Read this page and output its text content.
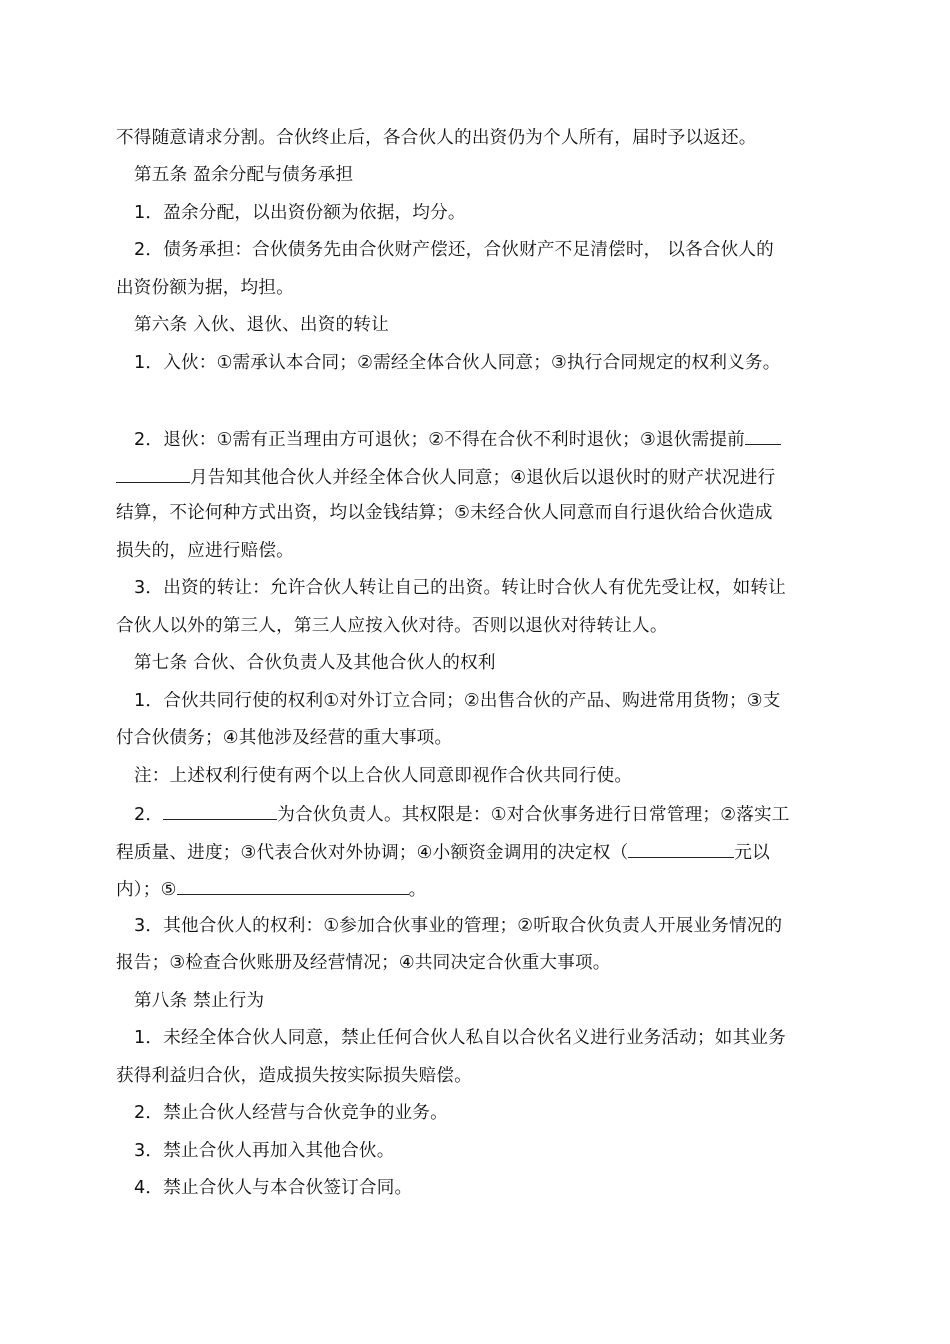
不得随意请求分割。合伙终止后，各合伙人的出资仍为个人所有，届时予以返还。
第五条 盈余分配与债务承担
1．盈余分配，以出资份额为依据，均分。
2．债务承担：合伙债务先由合伙财产偿还，合伙财产不足清偿时， 以各合伙人的
出资份额为据，均担。
第六条 入伙、退伙、出资的转让
1．入伙：①需承认本合同；②需经全体合伙人同意；③执行合同规定的权利义务。
2．退伙：①需有正当理由方可退伙；②不得在合伙不利时退伙；③退伙需提前
月告知其他合伙人并经全体合伙人同意；④退伙后以退伙时的财产状况进行
结算，不论何种方式出资，均以金钱结算；⑤未经合伙人同意而自行退伙给合伙造成
损失的，应进行赔偿。
3．出资的转让：允许合伙人转让自己的出资。转让时合伙人有优先受让权，如转让
合伙人以外的第三人，第三人应按入伙对待。否则以退伙对待转让人。
第七条 合伙、合伙负责人及其他合伙人的权利
1．合伙共同行使的权利①对外订立合同；②出售合伙的产品、购进常用货物；③支
付合伙债务；④其他涉及经营的重大事项。
注：上述权利行使有两个以上合伙人同意即视作合伙共同行使。
2．	为合伙负责人。其权限是：①对合伙事务进行日常管理；②落实工
程质量、进度；③代表合伙对外协调；④小额资金调用的决定权（	元以
内）；⑤	。
3．其他合伙人的权利：①参加合伙事业的管理；②听取合伙负责人开展业务情况的
报告；③检查合伙账册及经营情况；④共同决定合伙重大事项。
第八条 禁止行为
1．未经全体合伙人同意，禁止任何合伙人私自以合伙名义进行业务活动；如其业务
获得利益归合伙，造成损失按实际损失赔偿。
2．禁止合伙人经营与合伙竞争的业务。
3．禁止合伙人再加入其他合伙。
4．禁止合伙人与本合伙签订合同。
